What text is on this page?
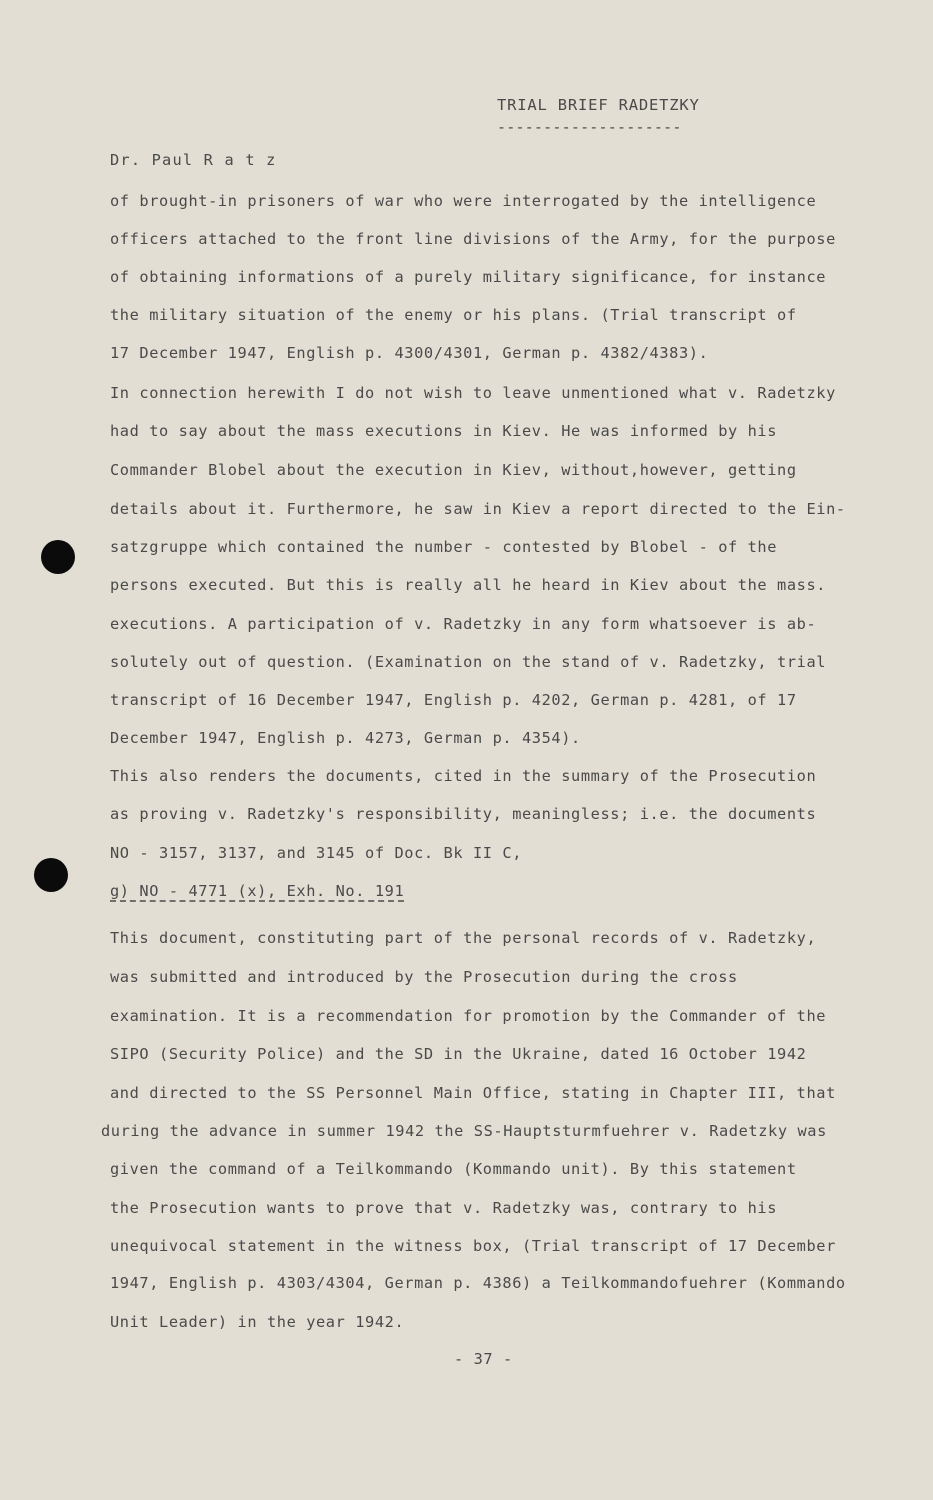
TRIAL BRIEF RADETZKY
--------------------
Dr. Paul R a t z
of brought-in prisoners of war who were interrogated by the intelligence
officers attached to the front line divisions of the Army, for the purpose
of obtaining informations of a purely military significance, for instance
the military situation of the enemy or his plans. (Trial transcript of
17 December 1947, English p. 4300/4301, German p. 4382/4383).
In connection herewith I do not wish to leave unmentioned what v. Radetzky
had to say about the mass executions in Kiev. He was informed by his
Commander Blobel about the execution in Kiev, without,however, getting
details about it. Furthermore, he saw in Kiev a report directed to the Ein-
satzgruppe which contained the number - contested by Blobel - of the
persons executed. But this is really all he heard in Kiev about the mass.
executions. A participation of v. Radetzky in any form whatsoever is ab-
solutely out of question. (Examination on the stand of v. Radetzky, trial
transcript of 16 December 1947, English p. 4202, German p. 4281, of 17
December 1947, English p. 4273, German p. 4354).
This also renders the documents, cited in the summary of the Prosecution
as proving v. Radetzky's responsibility, meaningless; i.e. the documents
NO - 3157, 3137, and 3145 of Doc. Bk II C,
g) NO - 4771 (x), Exh. No. 191
This document, constituting part of the personal records of v. Radetzky,
was submitted and introduced by the Prosecution during the cross
examination. It is a recommendation for promotion by the Commander of the
SIPO (Security Police) and the SD in the Ukraine, dated 16 October 1942
and directed to the SS Personnel Main Office, stating in Chapter III, that
during the advance in summer 1942 the SS-Hauptsturmfuehrer v. Radetzky was
given the command of a Teilkommando (Kommando unit). By this statement
the Prosecution wants to prove that v. Radetzky was, contrary to his
unequivocal statement in the witness box, (Trial transcript of 17 December
1947, English p. 4303/4304, German p. 4386) a Teilkommandofuehrer (Kommando
Unit Leader) in the year 1942.
- 37 -
